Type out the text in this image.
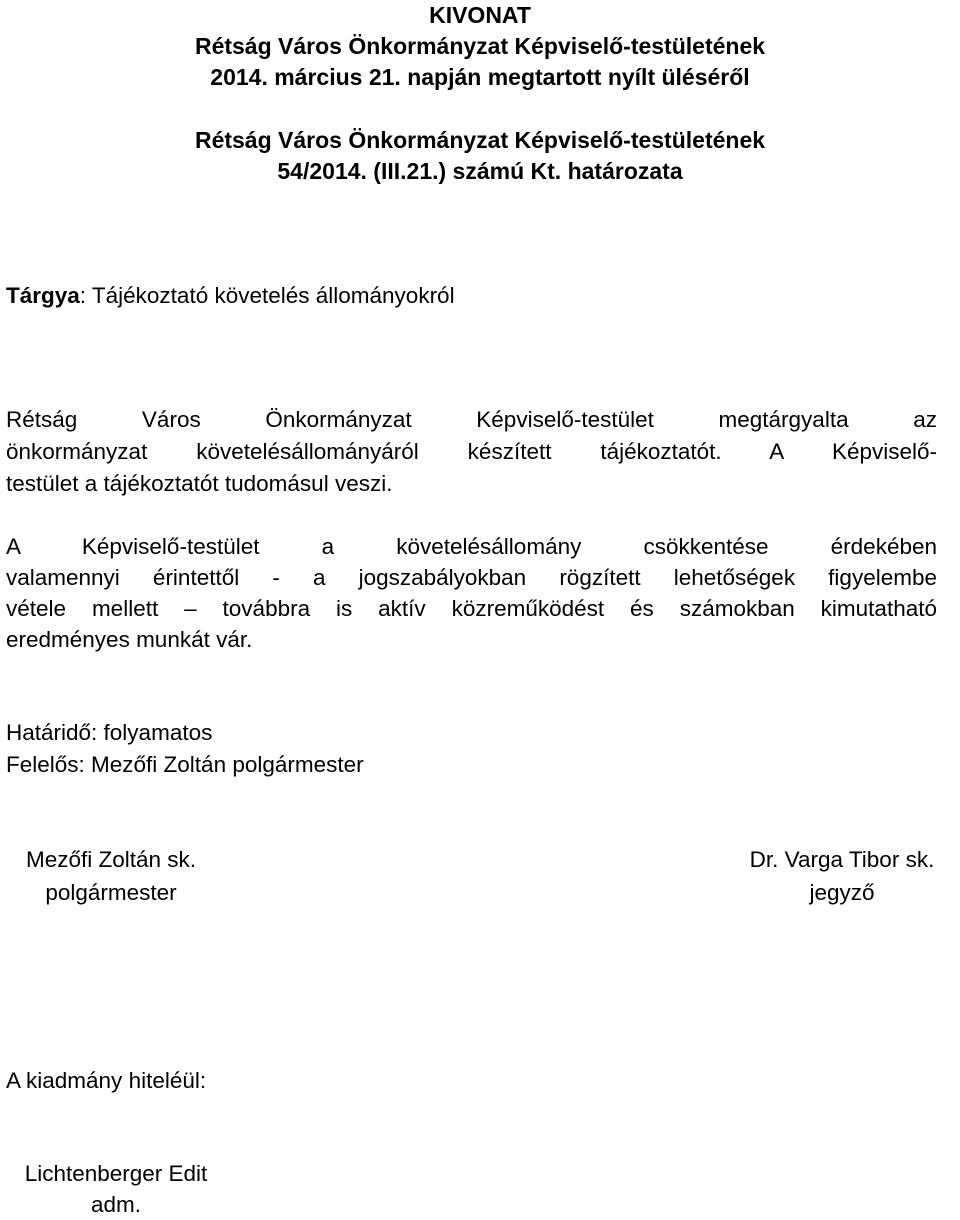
KIVONAT
Rétság Város Önkormányzat Képviselő-testületének
2014. március 21. napján megtartott nyílt üléséről
Rétság Város Önkormányzat Képviselő-testületének
54/2014. (III.21.) számú Kt. határozata
Tárgya: Tájékoztató követelés állományokról
Rétság Város Önkormányzat Képviselő-testület megtárgyalta az
önkormányzat követelésállományáról készített tájékoztatót. A Képviselő-
testület a tájékoztatót tudomásul veszi.
A Képviselő-testület a követelésállomány csökkentése érdekében
valamennyi érintettől - a jogszabályokban rögzített lehetőségek figyelembe
vétele mellett – továbbra is aktív közreműködést és számokban kimutatható
eredményes munkát vár.
Határidő: folyamatos
Felelős: Mezőfi Zoltán polgármester
Mezőfi Zoltán sk.
polgármester
Dr. Varga Tibor sk.
jegyző
A kiadmány hiteléül:
Lichtenberger Edit
adm.
